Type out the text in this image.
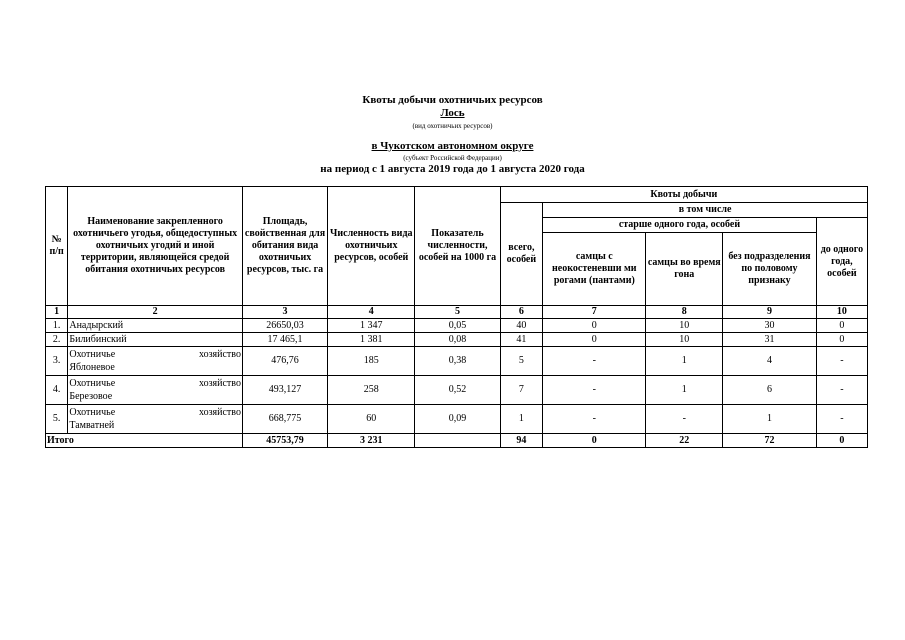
Квоты добычи охотничьих ресурсов
Лось
(вид охотничьих ресурсов)
в Чукотском автономном округе
(субъект Российской Федерации)
на период с 1 августа 2019 года до 1 августа 2020 года
№ п/п	Наименование закрепленного охотничьего угодья, общедоступных охотничьих угодий и иной территории, являющейся средой обитания охотничьих ресурсов	Площадь, свойственная для обитания вида охотничьих ресурсов, тыс. га	Численность вида охотничьих ресурсов, особей	Показатель численности, особей на 1000 га	Квоты добычи				
					всего, особей	в том числе			
						старше одного года, особей			до одного года, особей
						самцы с неокостеневши ми рогами (пантами)	самцы во время гона	без подразделения по половому признаку	
1	2	3	4	5	6	7	8	9	10
1.	Анадырский	26650,03	1 347	0,05	40	0	10	30	0
2.	Билибинский	17 465,1	1 381	0,08	41	0	10	31	0
3.	Охотничье хозяйство
Яблоневое	476,76	185	0,38	5	-	1	4	-
4.	Охотничье хозяйство
Березовое	493,127	258	0,52	7	-	1	6	-
5.	Охотничье хозяйство
Тамватней	668,775	60	0,09	1	-	-	1	-
Итого		45753,79	3 231		94	0	22	72	0
